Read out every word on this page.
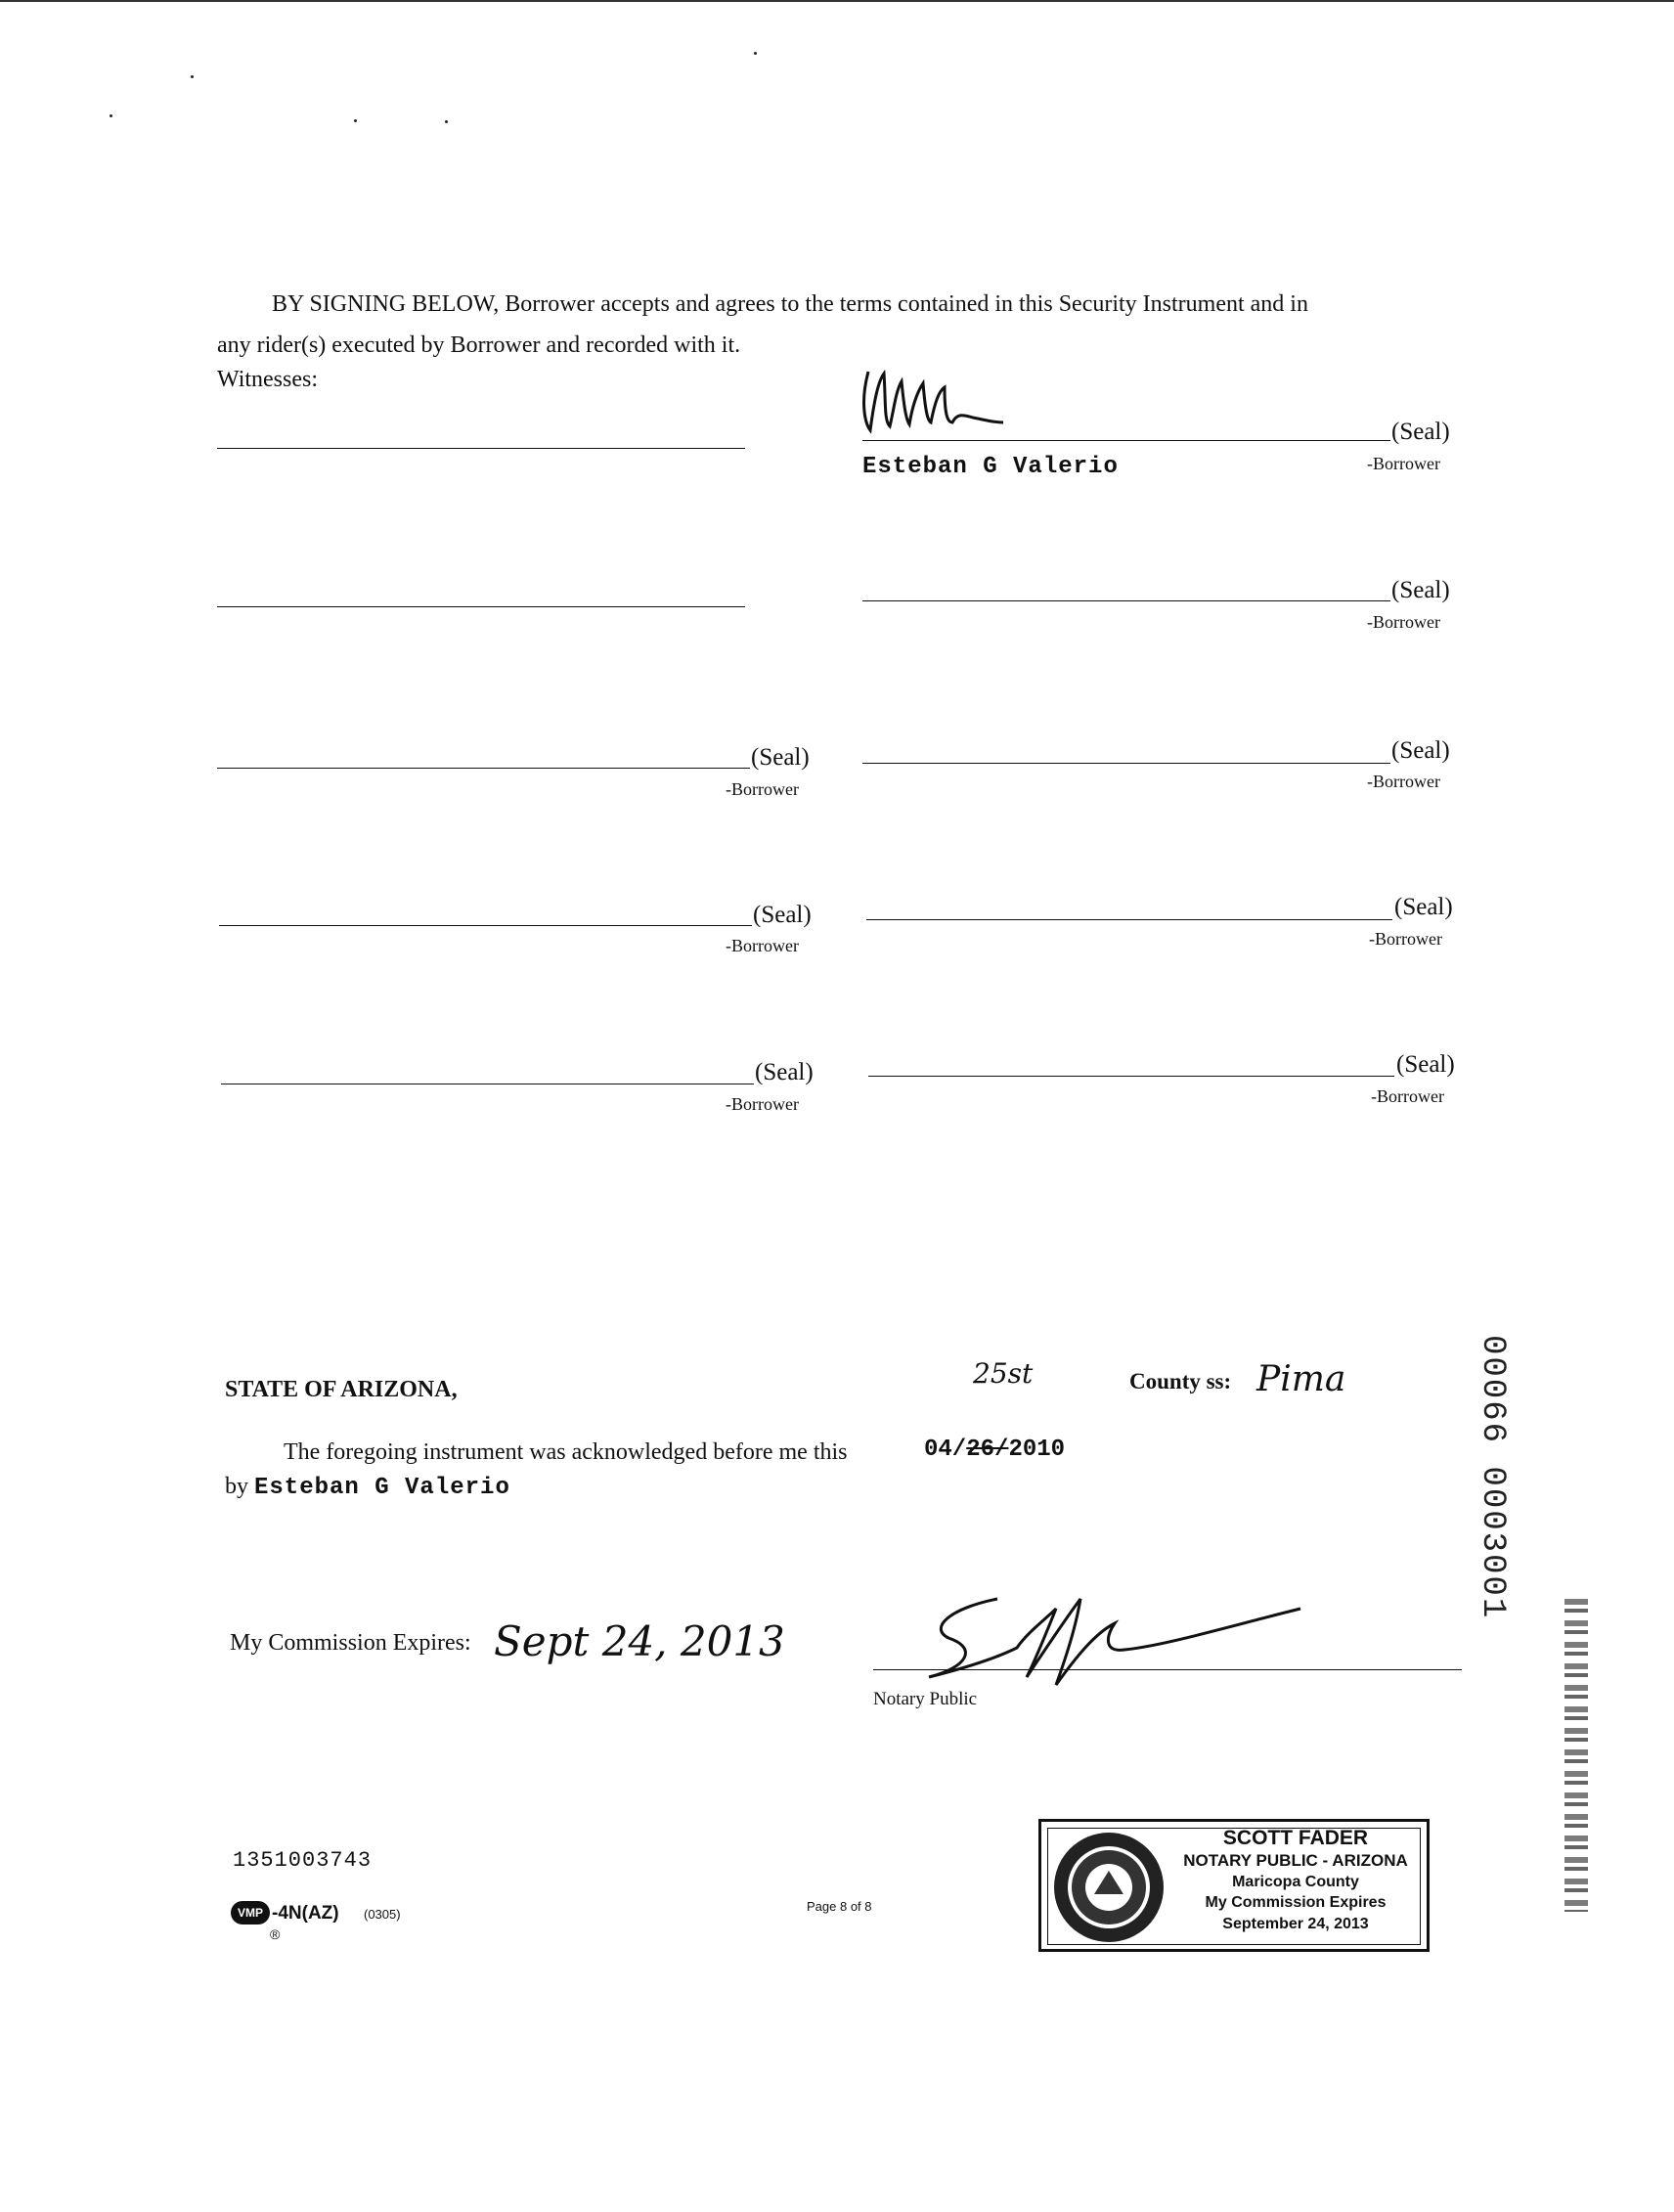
BY SIGNING BELOW, Borrower accepts and agrees to the terms contained in this Security Instrument and in
any rider(s) executed by Borrower and recorded with it.
Witnesses:
(Seal)
Esteban G Valerio	-Borrower
(Seal)
-Borrower
(Seal)
-Borrower
(Seal)
-Borrower
(Seal)
-Borrower
(Seal)
-Borrower
(Seal)
-Borrower
(Seal)
-Borrower
STATE OF ARIZONA,	County ss: Pima
25st
The foregoing instrument was acknowledged before me this	04/26/2010
by Esteban G Valerio
My Commission Expires: Sept 24, 2013
Notary Public
1351003743
VMP -4N(AZ) (0305)
®
Page 8 of 8
SCOTT FADER
NOTARY PUBLIC - ARIZONA
Maricopa County
My Commission Expires
September 24, 2013
00066 0003001
